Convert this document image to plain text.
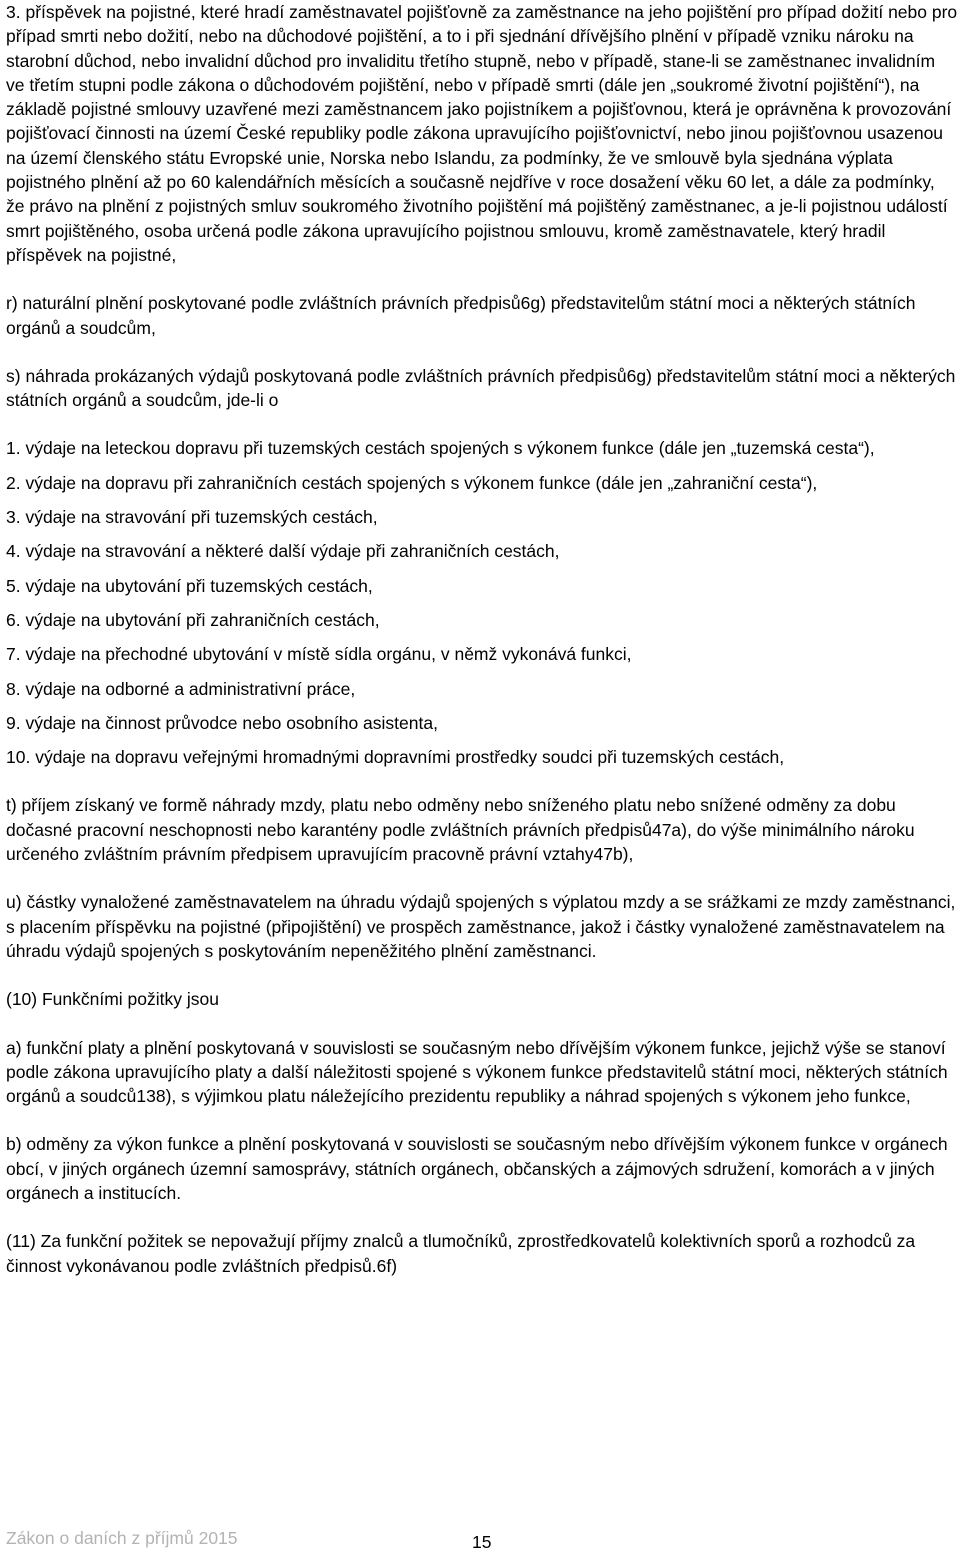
3. příspěvek na pojistné, které hradí zaměstnavatel pojišťovně za zaměstnance na jeho pojištění pro případ dožití nebo pro případ smrti nebo dožití, nebo na důchodové pojištění, a to i při sjednání dřívějšího plnění v případě vzniku nároku na starobní důchod, nebo invalidní důchod pro invaliditu třetího stupně, nebo v případě, stane-li se zaměstnanec invalidním ve třetím stupni podle zákona o důchodovém pojištění, nebo v případě smrti (dále jen „soukromé životní pojištění“), na základě pojistné smlouvy uzavřené mezi zaměstnancem jako pojistníkem a pojišťovnou, která je oprávněna k provozování pojišťovací činnosti na území České republiky podle zákona upravujícího pojišťovnictví, nebo jinou pojišťovnou usazenou na území členského státu Evropské unie, Norska nebo Islandu, za podmínky, že ve smlouvě byla sjednána výplata pojistného plnění až po 60 kalendářních měsících a současně nejdříve v roce dosažení věku 60 let, a dále za podmínky, že právo na plnění z pojistných smluv soukromého životního pojištění má pojištěný zaměstnanec, a je-li pojistnou událostí smrt pojištěného, osoba určená podle zákona upravujícího pojistnou smlouvu, kromě zaměstnavatele, který hradil příspěvek na pojistné,

r) naturální plnění poskytované podle zvláštních právních předpisů6g) představitelům státní moci a některých státních orgánů a soudcům,

s) náhrada prokázaných výdajů poskytovaná podle zvláštních právních předpisů6g) představitelům státní moci a některých státních orgánů a soudcům, jde-li o

1. výdaje na leteckou dopravu při tuzemských cestách spojených s výkonem funkce (dále jen „tuzemská cesta“),

2. výdaje na dopravu při zahraničních cestách spojených s výkonem funkce (dále jen „zahraniční cesta“),

3. výdaje na stravování při tuzemských cestách,

4. výdaje na stravování a některé další výdaje při zahraničních cestách,

5. výdaje na ubytování při tuzemských cestách,

6. výdaje na ubytování při zahraničních cestách,

7. výdaje na přechodné ubytování v místě sídla orgánu, v němž vykonává funkci,

8. výdaje na odborné a administrativní práce,

9. výdaje na činnost průvodce nebo osobního asistenta,

10. výdaje na dopravu veřejnými hromadnými dopravními prostředky soudci při tuzemských cestách,

t) příjem získaný ve formě náhrady mzdy, platu nebo odměny nebo sníženého platu nebo snížené odměny za dobu dočasné pracovní neschopnosti nebo karantény podle zvláštních právních předpisů47a), do výše minimálního nároku určeného zvláštním právním předpisem upravujícím pracovně právní vztahy47b),

u) částky vynaložené zaměstnavatelem na úhradu výdajů spojených s výplatou mzdy a se srážkami ze mzdy zaměstnanci, s placením příspěvku na pojistné (připojištění) ve prospěch zaměstnance, jakož i částky vynaložené zaměstnavatelem na úhradu výdajů spojených s poskytováním nepeněžitého plnění zaměstnanci.

(10) Funkčními požitky jsou

a) funkční platy a plnění poskytovaná v souvislosti se současným nebo dřívějším výkonem funkce, jejichž výše se stanoví podle zákona upravujícího platy a další náležitosti spojené s výkonem funkce představitelů státní moci, některých státních orgánů a soudců138), s výjimkou platu náležejícího prezidentu republiky a náhrad spojených s výkonem jeho funkce,

b) odměny za výkon funkce a plnění poskytovaná v souvislosti se současným nebo dřívějším výkonem funkce v orgánech obcí, v jiných orgánech územní samosprávy, státních orgánech, občanských a zájmových sdružení, komorách a v jiných orgánech a institucích.

(11) Za funkční požitek se nepovažují příjmy znalců a tlumočníků, zprostředkovatelů kolektivních sporů a rozhodců za činnost vykonávanou podle zvláštních předpisů.6f)

Zákon o daních z příjmů 2015	15
